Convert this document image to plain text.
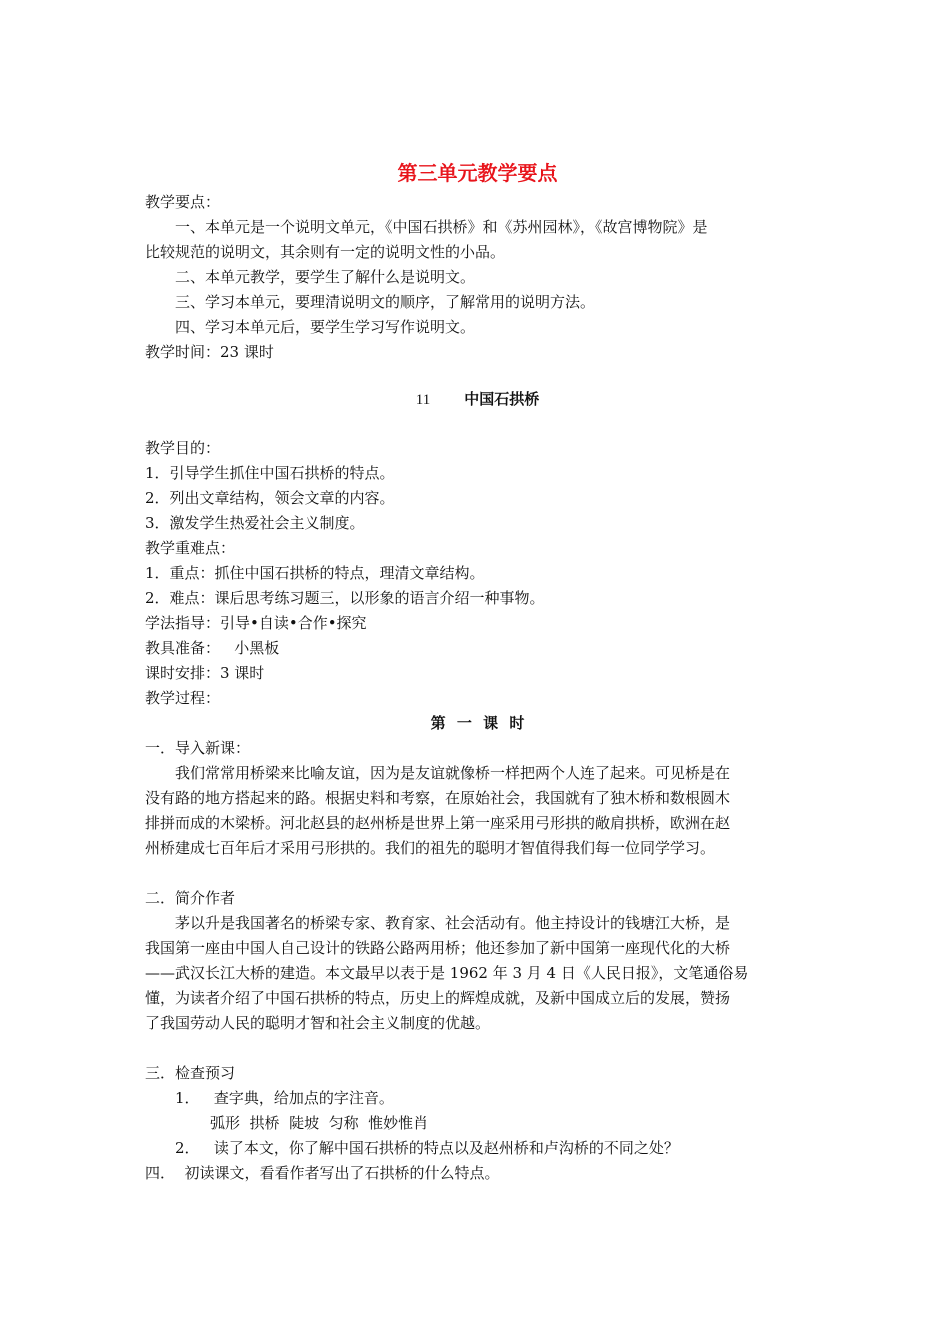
第三单元教学要点
教学要点：
一、本单元是一个说明文单元，《中国石拱桥》和《苏州园林》，《故宫博物院》是
比较规范的说明文，其余则有一定的说明文性的小品。
二、本单元教学，要学生了解什么是说明文。
三、学习本单元，要理清说明文的顺序，了解常用的说明方法。
四、学习本单元后，要学生学习写作说明文。
教学时间：23 课时
11 中国石拱桥
教学目的：
1．引导学生抓住中国石拱桥的特点。
2．列出文章结构，领会文章的内容。
3．激发学生热爱社会主义制度。
教学重难点：
1．重点：抓住中国石拱桥的特点，理清文章结构。
2．难点：课后思考练习题三，以形象的语言介绍一种事物。
学法指导：引导•自读•合作•探究
教具准备：   小黑板
课时安排：3 课时
教学过程：
第 一 课 时
一．导入新课：
我们常常用桥梁来比喻友谊，因为是友谊就像桥一样把两个人连了起来。可见桥是在
没有路的地方搭起来的路。根据史料和考察，在原始社会，我国就有了独木桥和数根圆木
排拼而成的木梁桥。河北赵县的赵州桥是世界上第一座采用弓形拱的敞肩拱桥，欧洲在赵
州桥建成七百年后才采用弓形拱的。我们的祖先的聪明才智值得我们每一位同学学习。
二．简介作者
茅以升是我国著名的桥梁专家、教育家、社会活动有。他主持设计的钱塘江大桥，是
我国第一座由中国人自己设计的铁路公路两用桥；他还参加了新中国第一座现代化的大桥
——武汉长江大桥的建造。本文最早以表于是 1962 年 3 月 4 日《人民日报》，文笔通俗易
懂，为读者介绍了中国石拱桥的特点，历史上的辉煌成就，及新中国成立后的发展，赞扬
了我国劳动人民的聪明才智和社会主义制度的优越。
三．检查预习
1．   查字典，给加点的字注音。
弧形  拱桥  陡坡  匀称  惟妙惟肖
2．   读了本文，你了解中国石拱桥的特点以及赵州桥和卢沟桥的不同之处？
四．  初读课文，看看作者写出了石拱桥的什么特点。
